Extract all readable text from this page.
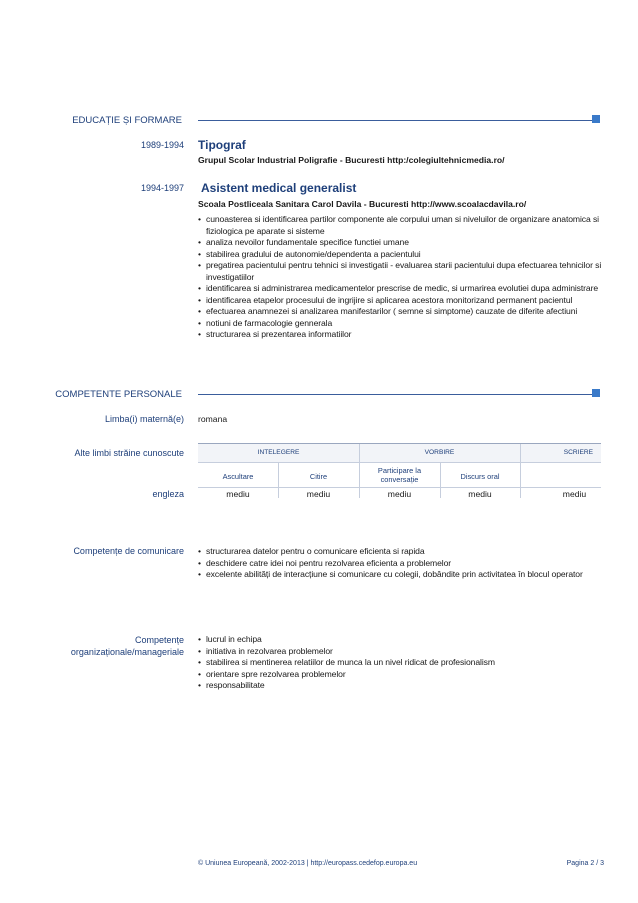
EDUCAȚIE ȘI FORMARE
1989-1994 Tipograf
Grupul Scolar Industrial Poligrafie - Bucuresti http:/colegiultehnicmedia.ro/
1994-1997 Asistent medical generalist
Scoala Postliceala Sanitara Carol Davila - Bucuresti http://www.scoalacdavila.ro/
• cunoasterea si identificarea partilor componente ale corpului uman si niveluilor de organizare anatomica si fiziologica pe aparate si sisteme
• analiza nevoilor fundamentale specifice functiei umane
• stabilirea gradului de autonomie/dependenta a pacientului
• pregatirea pacientului pentru tehnici si investigatii - evaluarea starii pacientului dupa efectuarea tehnicilor si investigatiilor
• identificarea si administrarea medicamentelor prescrise de medic, si urmarirea evolutiei dupa administrare
• identificarea etapelor procesului de ingrijire si aplicarea acestora monitorizand permanent pacientul
• efectuarea anamnezei si analizarea manifestarilor ( semne si simptome) cauzate de diferite afectiuni
• notiuni de farmacologie gennerala
• structurarea si prezentarea informatiilor
COMPETENTE PERSONALE
Limba(i) maternă(e) romana
Alte limbi străine cunoscute	INTELEGERE	VORBIRE	SCRIERE
Ascultare	Citire
Participare la conversație	Discurs oral
mediu	mediu	mediu	mediu	mediu
engleza
Competențe de comunicare
•	structurarea datelor pentru o comunicare eficienta si rapida
• deschidere catre idei noi pentru rezolvarea eficienta a problemelor
• excelente abilități de interacțiune si comunicare cu colegii, dobândite prin activitatea în blocul operator
Competențe
organizaționale/manageriale
• lucrul in echipa
• initiativa in rezolvarea problemelor
• stabilirea si mentinerea relatiilor de munca la un nivel ridicat de profesionalism
• orientare spre rezolvarea problemelor
• responsabilitate
© Uniunea Europeană, 2002-2013 | http://europass.cedefop.europa.eu	Pagina 2 / 3
